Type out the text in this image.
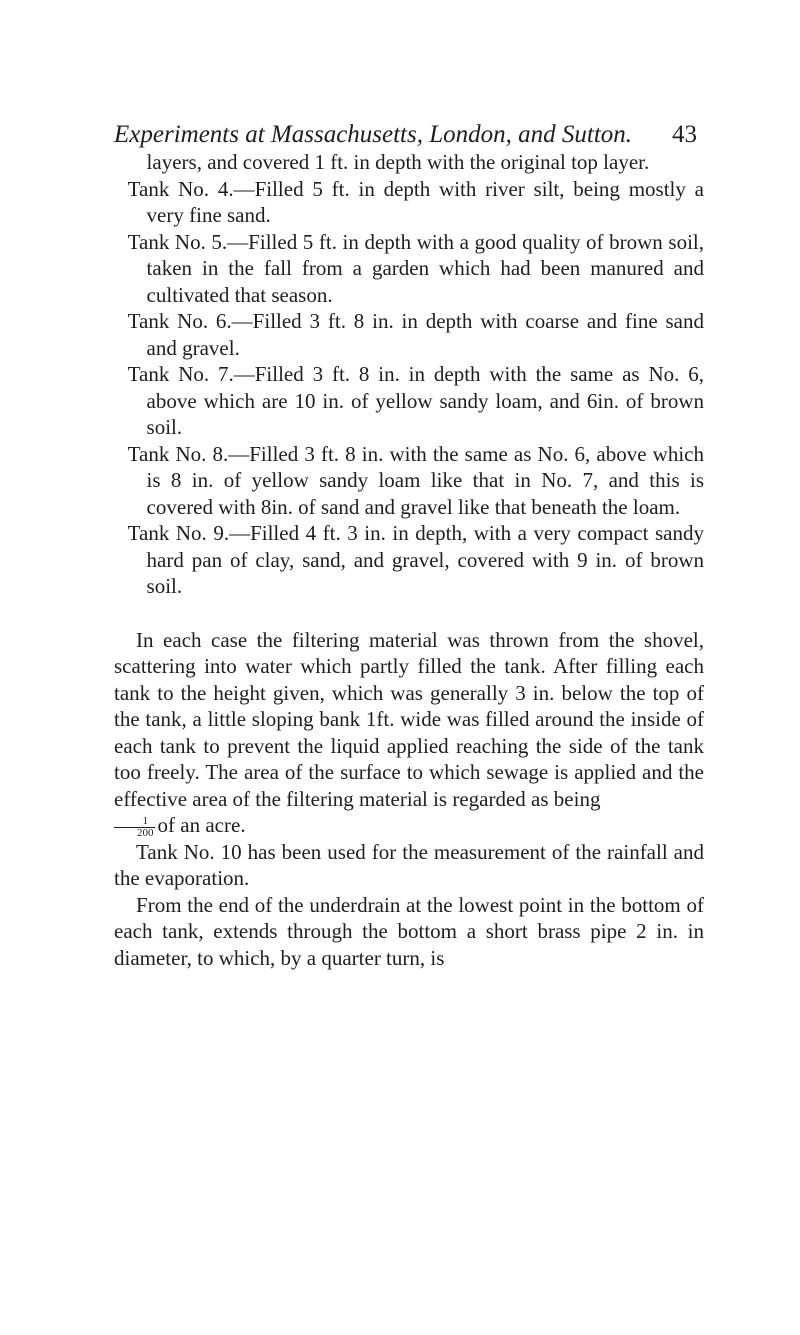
Experiments at Massachusetts, London, and Sutton. 43

layers, and covered 1 ft. in depth with the original top layer.

Tank No. 4.—Filled 5 ft. in depth with river silt, being mostly a very fine sand.

Tank No. 5.—Filled 5 ft. in depth with a good quality of brown soil, taken in the fall from a garden which had been manured and cultivated that season.

Tank No. 6.—Filled 3 ft. 8 in. in depth with coarse and fine sand and gravel.

Tank No. 7.—Filled 3 ft. 8 in. in depth with the same as No. 6, above which are 10 in. of yellow sandy loam, and 6in. of brown soil.

Tank No. 8.—Filled 3 ft. 8 in. with the same as No. 6, above which is 8 in. of yellow sandy loam like that in No. 7, and this is covered with 8in. of sand and gravel like that beneath the loam.

Tank No. 9.—Filled 4 ft. 3 in. in depth, with a very compact sandy hard pan of clay, sand, and gravel, covered with 9 in. of brown soil.

In each case the filtering material was thrown from the shovel, scattering into water which partly filled the tank. After filling each tank to the height given, which was generally 3 in. below the top of the tank, a little sloping bank 1ft. wide was filled around the inside of each tank to prevent the liquid applied reaching the side of the tank too freely. The area of the surface to which sewage is applied and the effective area of the filtering material is regarded as being

$\frac{1}{200}$ of an acre.

Tank No. 10 has been used for the measurement of the rainfall and the evaporation.

From the end of the underdrain at the lowest point in the bottom of each tank, extends through the bottom a short brass pipe 2 in. in diameter, to which, by a quarter turn, is
